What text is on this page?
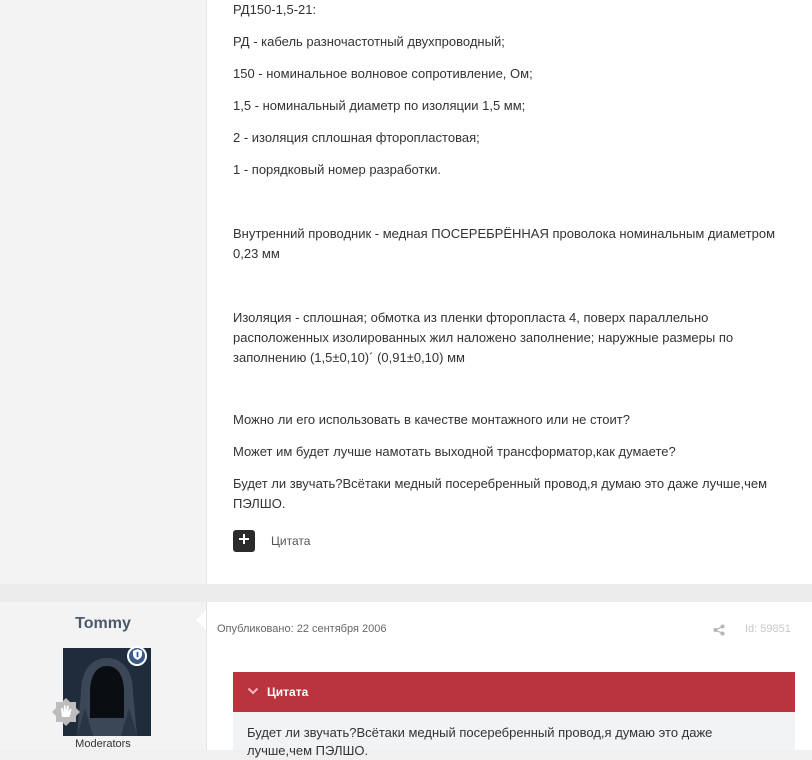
РД150-1,5-21:

РД - кабель разночастотный двухпроводный;

150 - номинальное волновое сопротивление, Ом;

1,5 - номинальный диаметр по изоляции 1,5 мм;

2 - изоляция сплошная фторопластовая;

1 - порядковый номер разработки.

Внутренний проводник - медная ПОСЕРЕБРЁННАЯ проволока номинальным диаметром 0,23 мм

Изоляция - сплошная; обмотка из пленки фторопласта 4, поверх параллельно расположенных изолированных жил наложено заполнение; наружные размеры по заполнению (1,5±0,10)´ (0,91±0,10) мм

Можно ли его использовать в качестве монтажного или не стоит?

Может им будет лучше намотать выходной трансформатор,как думаете?

Будет ли звучать?Всётаки медный посеребренный провод,я думаю это даже лучше,чем ПЭЛШО.

Цитата
Tommy
Moderators
Опубликовано: 22 сентября 2006	Id: 59851
Цитата
Будет ли звучать?Всётаки медный посеребренный провод,я думаю это даже лучше,чем ПЭЛШО.
